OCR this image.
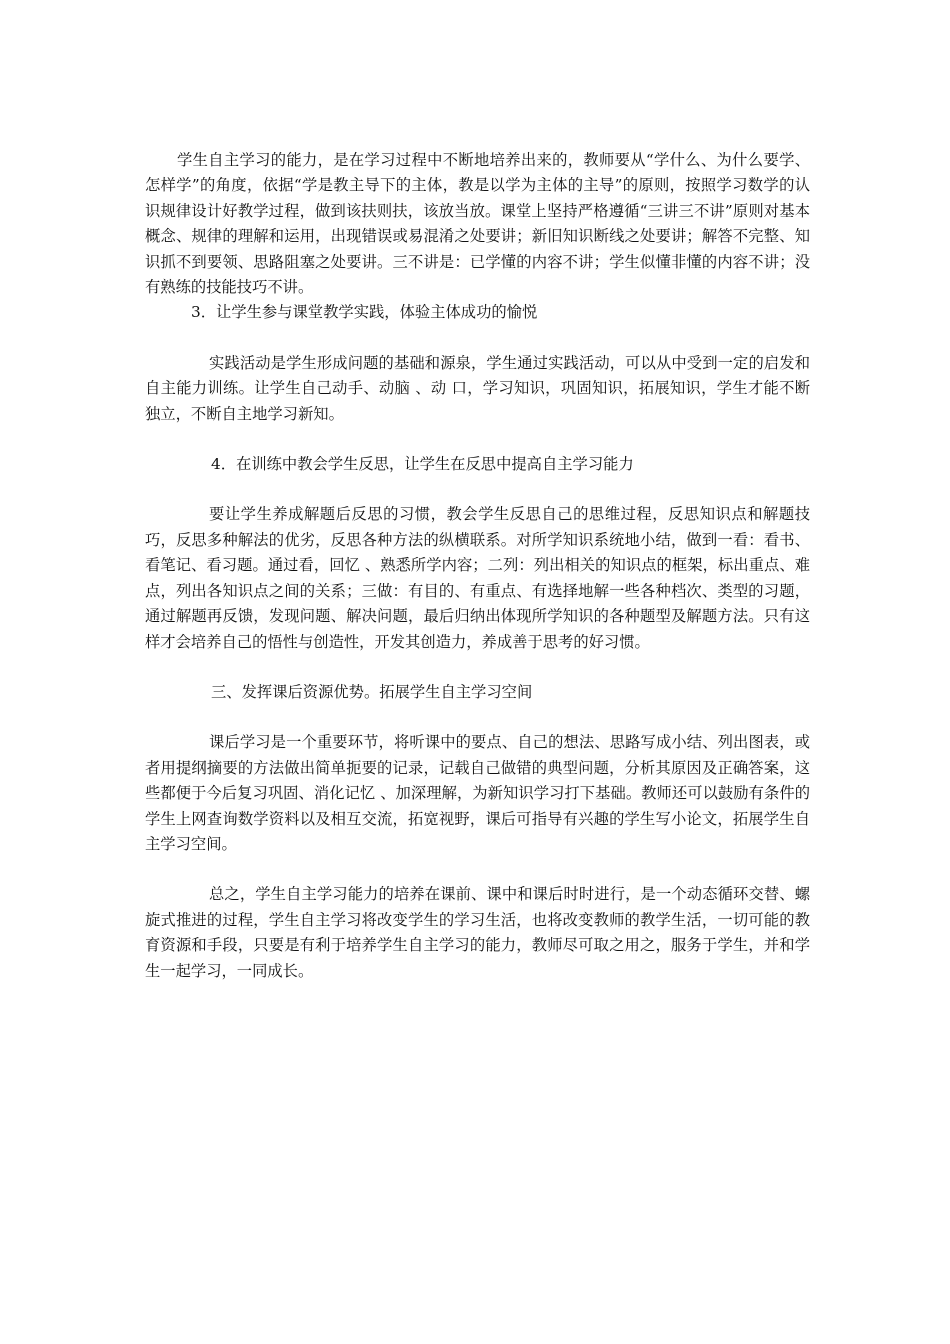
学生自主学习的能力，是在学习过程中不断地培养出来的，教师要从“学什么、为什么要学、怎样学”的角度，依据“学是教主导下的主体，教是以学为主体的主导”的原则，按照学习数学的认识规律设计好教学过程，做到该扶则扶，该放当放。课堂上坚持严格遵循“三讲三不讲”原则对基本概念、规律的理解和运用，出现错误或易混淆之处要讲；新旧知识断线之处要讲；解答不完整、知识抓不到要领、思路阻塞之处要讲。三不讲是：已学懂的内容不讲；学生似懂非懂的内容不讲；没有熟练的技能技巧不讲。

3．让学生参与课堂教学实践，体验主体成功的愉悦

实践活动是学生形成问题的基础和源泉，学生通过实践活动，可以从中受到一定的启发和自主能力训练。让学生自己动手、动脑 、动 口，学习知识，巩固知识，拓展知识，学生才能不断独立，不断自主地学习新知。

4．在训练中教会学生反思，让学生在反思中提高自主学习能力

要让学生养成解题后反思的习惯，教会学生反思自己的思维过程，反思知识点和解题技巧，反思多种解法的优劣，反思各种方法的纵横联系。对所学知识系统地小结，做到一看：看书、看笔记、看习题。通过看，回忆 、熟悉所学内容；二列：列出相关的知识点的框架，标出重点、难点，列出各知识点之间的关系；三做：有目的、有重点、有选择地解一些各种档次、类型的习题，通过解题再反馈，发现问题、解决问题，最后归纳出体现所学知识的各种题型及解题方法。只有这样才会培养自己的悟性与创造性，开发其创造力，养成善于思考的好习惯。

三、发挥课后资源优势。拓展学生自主学习空间

课后学习是一个重要环节，将听课中的要点、自己的想法、思路写成小结、列出图表，或者用提纲摘要的方法做出简单扼要的记录，记载自己做错的典型问题，分析其原因及正确答案，这些都便于今后复习巩固、消化记忆 、加深理解，为新知识学习打下基础。教师还可以鼓励有条件的学生上网查询数学资料以及相互交流，拓宽视野，课后可指导有兴趣的学生写小论文，拓展学生自主学习空间。

总之，学生自主学习能力的培养在课前、课中和课后时时进行，是一个动态循环交替、螺旋式推进的过程，学生自主学习将改变学生的学习生活，也将改变教师的教学生活，一切可能的教育资源和手段，只要是有利于培养学生自主学习的能力，教师尽可取之用之，服务于学生，并和学生一起学习，一同成长。
